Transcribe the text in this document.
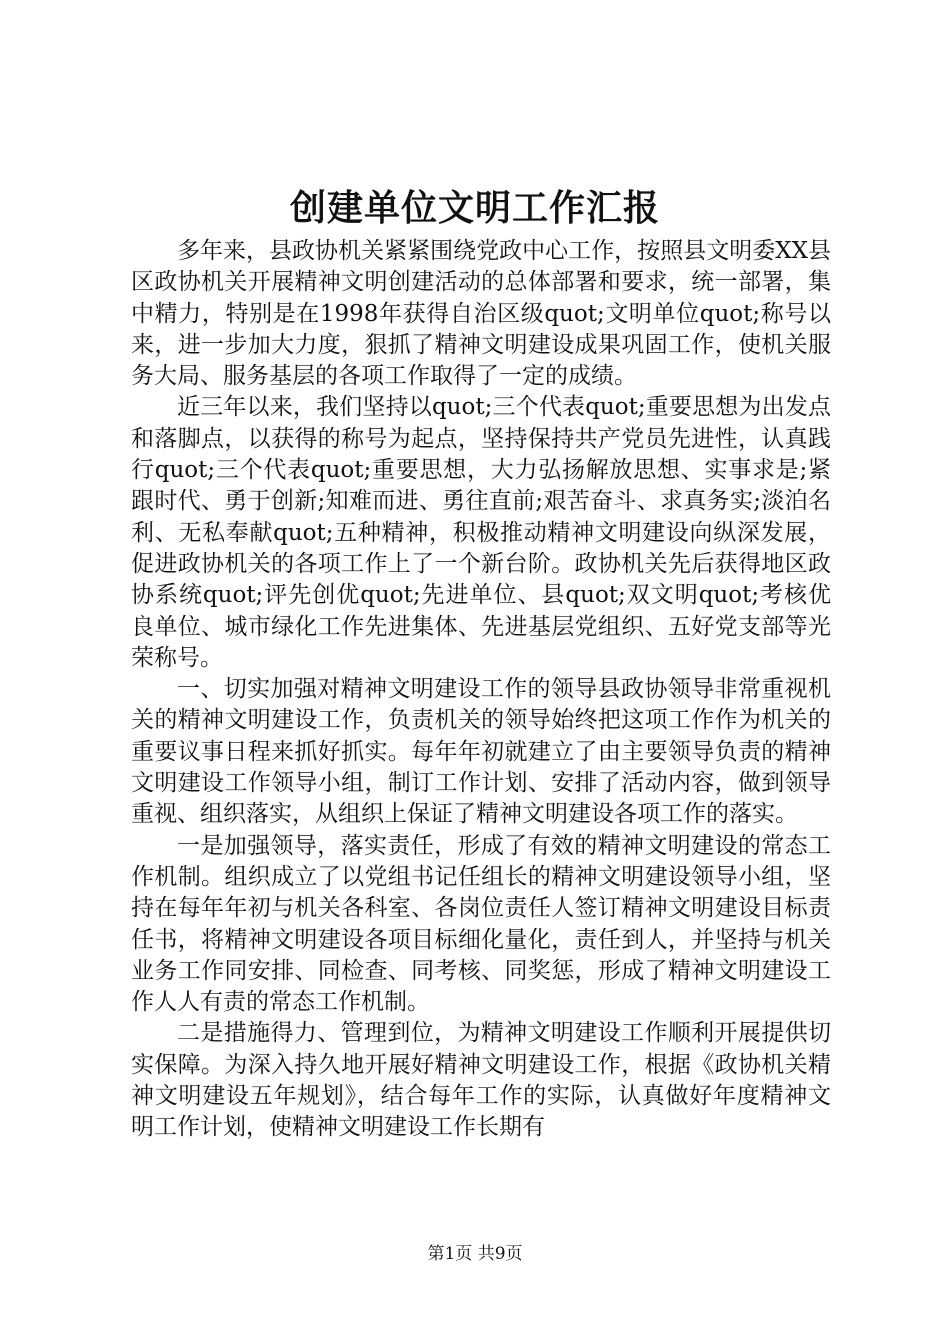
创建单位文明工作汇报

多年来，县政协机关紧紧围绕党政中心工作，按照县文明委XX县区政协机关开展精神文明创建活动的总体部署和要求，统一部署，集中精力，特别是在1998年获得自治区级quot;文明单位quot;称号以来，进一步加大力度，狠抓了精神文明建设成果巩固工作，使机关服务大局、服务基层的各项工作取得了一定的成绩。

近三年以来，我们坚持以quot;三个代表quot;重要思想为出发点和落脚点，以获得的称号为起点，坚持保持共产党员先进性，认真践行quot;三个代表quot;重要思想，大力弘扬解放思想、实事求是;紧跟时代、勇于创新;知难而进、勇往直前;艰苦奋斗、求真务实;淡泊名利、无私奉献quot;五种精神，积极推动精神文明建设向纵深发展，促进政协机关的各项工作上了一个新台阶。政协机关先后获得地区政协系统quot;评先创优quot;先进单位、县quot;双文明quot;考核优良单位、城市绿化工作先进集体、先进基层党组织、五好党支部等光荣称号。

一、切实加强对精神文明建设工作的领导县政协领导非常重视机关的精神文明建设工作，负责机关的领导始终把这项工作作为机关的重要议事日程来抓好抓实。每年年初就建立了由主要领导负责的精神文明建设工作领导小组，制订工作计划、安排了活动内容，做到领导重视、组织落实，从组织上保证了精神文明建设各项工作的落实。

一是加强领导，落实责任，形成了有效的精神文明建设的常态工作机制。组织成立了以党组书记任组长的精神文明建设领导小组，坚持在每年年初与机关各科室、各岗位责任人签订精神文明建设目标责任书，将精神文明建设各项目标细化量化，责任到人，并坚持与机关业务工作同安排、同检查、同考核、同奖惩，形成了精神文明建设工作人人有责的常态工作机制。

二是措施得力、管理到位，为精神文明建设工作顺利开展提供切实保障。为深入持久地开展好精神文明建设工作，根据《政协机关精神文明建设五年规划》，结合每年工作的实际，认真做好年度精神文明工作计划，使精神文明建设工作长期有

第1页 共9页
